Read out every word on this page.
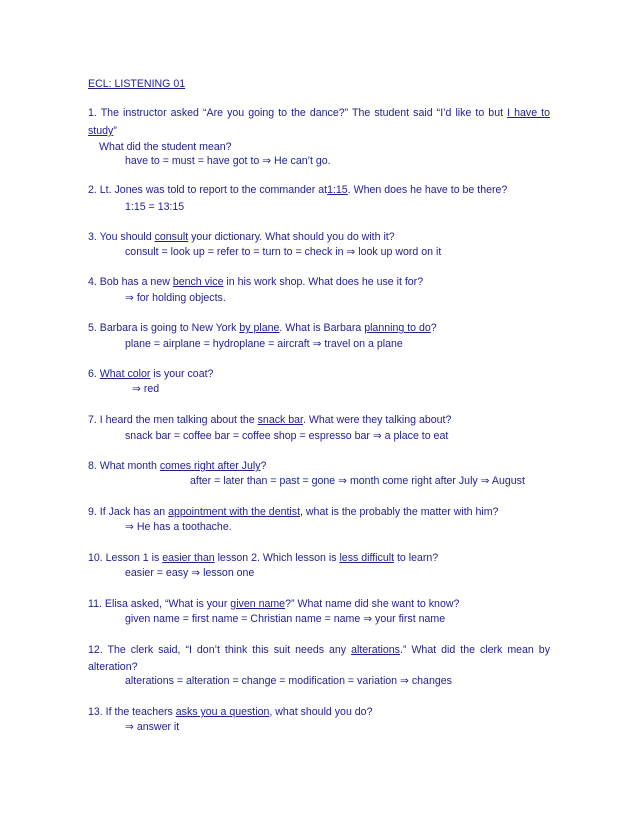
ECL: LISTENING 01
1. The instructor asked “Are you going to the dance?” The student said “I’d like to but I have to
study”
What did the student mean?
have to = must = have got to ⇒ He can’t go.
2. Lt. Jones was told to report to the commander at1:15. When does he have to be there?
1:15 = 13:15
3. You should consult your dictionary. What should you do with it?
consult = look up = refer to = turn to = check in ⇒ look up word on it
4. Bob has a new bench vice in his work shop. What does he use it for?
⇒ for holding objects.
5. Barbara is going to New York by plane. What is Barbara planning to do?
plane = airplane = hydroplane = aircraft ⇒ travel on a plane
6. What color is your coat?
⇒ red
7. I heard the men talking about the snack bar. What were they talking about?
snack bar = coffee bar = coffee shop = espresso bar ⇒ a place to eat
8. What month comes right after July?
after = later than = past = gone ⇒ month come right after July ⇒ August
9. If Jack has an appointment with the dentist, what is the probably the matter with him?
⇒ He has a toothache.
10. Lesson 1 is easier than lesson 2. Which lesson is less difficult to learn?
easier = easy ⇒ lesson one
11. Elisa asked, “What is your given name?” What name did she want to know?
given name = first name = Christian name = name ⇒ your first name
12. The clerk said, “I don’t think this suit needs any alterations.” What did the clerk mean by
alteration?
alterations = alteration = change = modification = variation ⇒ changes
13. If the teachers asks you a question, what should you do?
⇒ answer it
